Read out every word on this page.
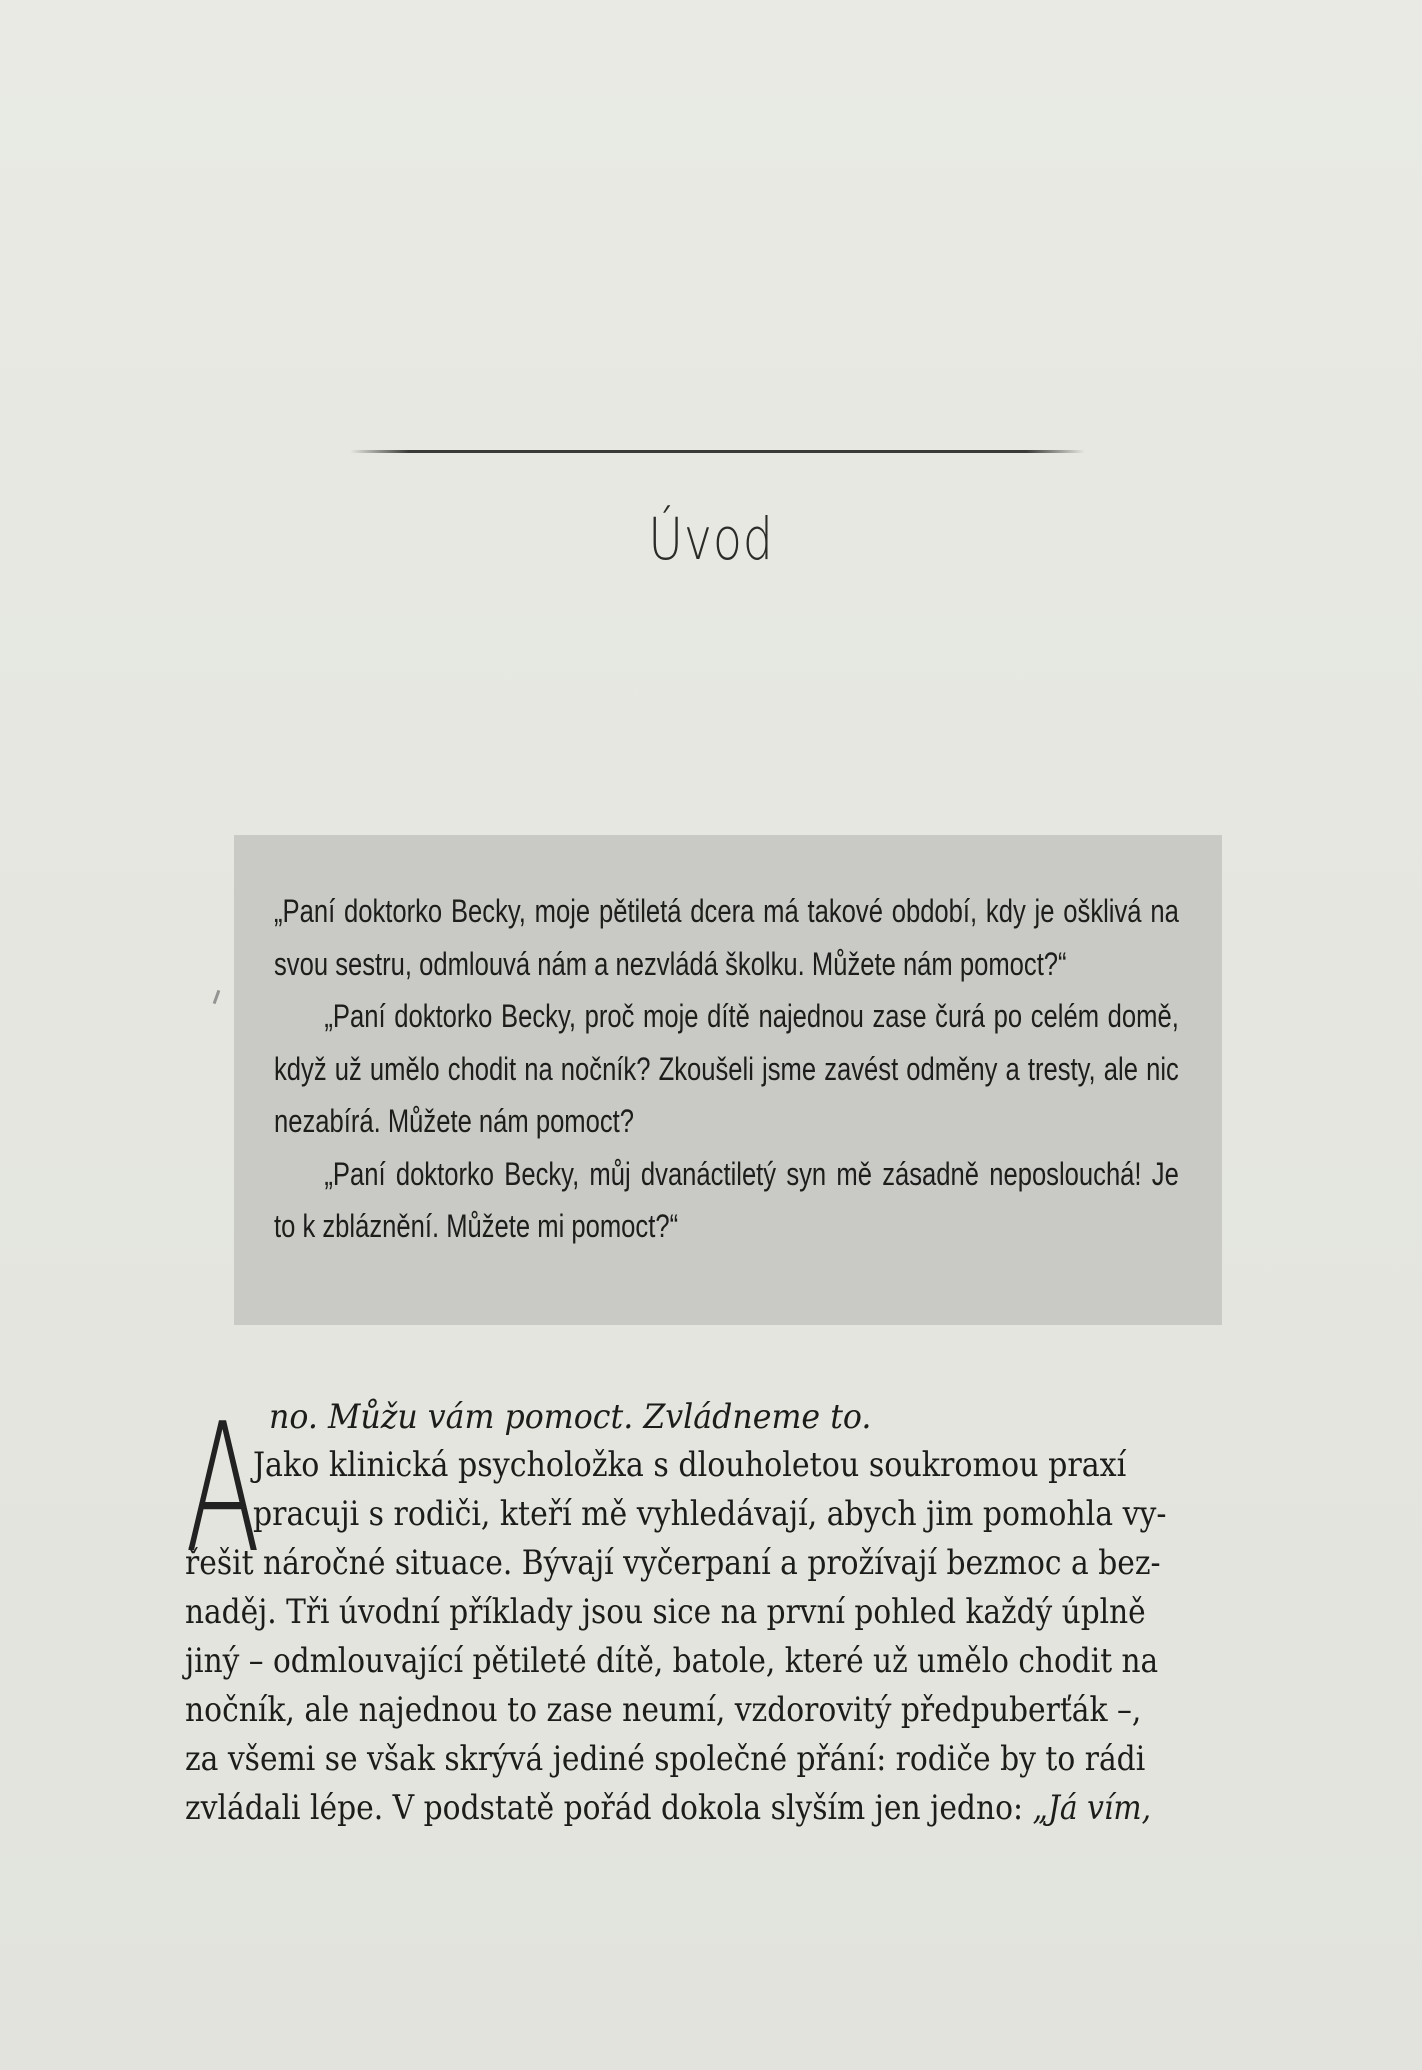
Úvod

„Paní doktorko Becky, moje pětiletá dcera má takové období, kdy je ošklivá na svou sestru, odmlouvá nám a nezvládá školku. Můžete nám pomoct?“

„Paní doktorko Becky, proč moje dítě najednou zase čurá po celém domě, když už umělo chodit na nočník? Zkoušeli jsme zavést odměny a tresty, ale nic nezabírá. Můžete nám pomoct?

„Paní doktorko Becky, můj dvanáctiletý syn mě zásadně neposlouchá! Je to k zbláznění. Můžete mi pomoct?“

A no. Můžu vám pomoct. Zvládneme to.
Jako klinická psycholožka s dlouholetou soukromou praxí
pracuji s rodiči, kteří mě vyhledávají, abych jim pomohla vy-
řešit náročné situace. Bývají vyčerpaní a prožívají bezmoc a bez-
naděj. Tři úvodní příklady jsou sice na první pohled každý úplně
jiný – odmlouvající pětileté dítě, batole, které už umělo chodit na
nočník, ale najednou to zase neumí, vzdorovitý předpuberťák –,
za všemi se však skrývá jediné společné přání: rodiče by to rádi
zvládali lépe. V podstatě pořád dokola slyším jen jedno: „Já vím,
